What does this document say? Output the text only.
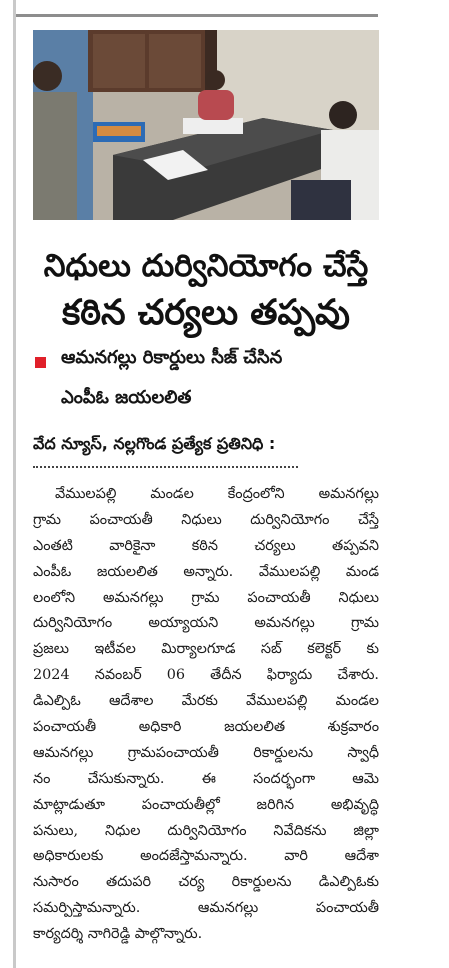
నిధులు దుర్వినియోగం చేస్తే
కఠిన చర్యలు తప్పవు
ఆమనగల్లు రికార్డులు సీజ్ చేసిన
ఎంపీఓ జయలలిత
వేద న్యూస్, నల్లగొండ ప్రత్యేక ప్రతినిధి :
వేములపల్లి మండల కేంద్రంలోని అమనగల్లు
గ్రామ పంచాయతీ నిధులు దుర్వినియోగం చేస్తే
ఎంతటి వారికైనా కఠిన చర్యలు తప్పవని
ఎంపీఓ జయలలిత అన్నారు. వేములపల్లి మండ
లంలోని అమనగల్లు గ్రామ పంచాయతీ నిధులు
దుర్వినియోగం అయ్యాయని అమనగల్లు గ్రామ
ప్రజలు ఇటీవల మిర్యాలగూడ సబ్ కలెక్టర్ కు
2024 నవంబర్ 06 తేదీన ఫిర్యాదు చేశారు.
డిఎల్పిఓ ఆదేశాల మేరకు వేములపల్లి మండల
పంచాయతీ అధికారి జయలలిత శుక్రవారం
ఆమనగల్లు గ్రామపంచాయతీ రికార్డులను స్వాధీ
నం చేసుకున్నారు. ఈ సందర్భంగా ఆమె
మాట్లాడుతూ పంచాయతీల్లో జరిగిన అభివృద్ధి
పనులు, నిధుల దుర్వినియోగం నివేదికను జిల్లా
అధికారులకు అందజేస్తామన్నారు. వారి ఆదేశా
నుసారం తదుపరి చర్య రికార్డులను డిఎల్పిఓకు
సమర్పిస్తామన్నారు. ఆమనగల్లు పంచాయతీ
కార్యదర్శి నాగిరెడ్డి పాల్గొన్నారు.
